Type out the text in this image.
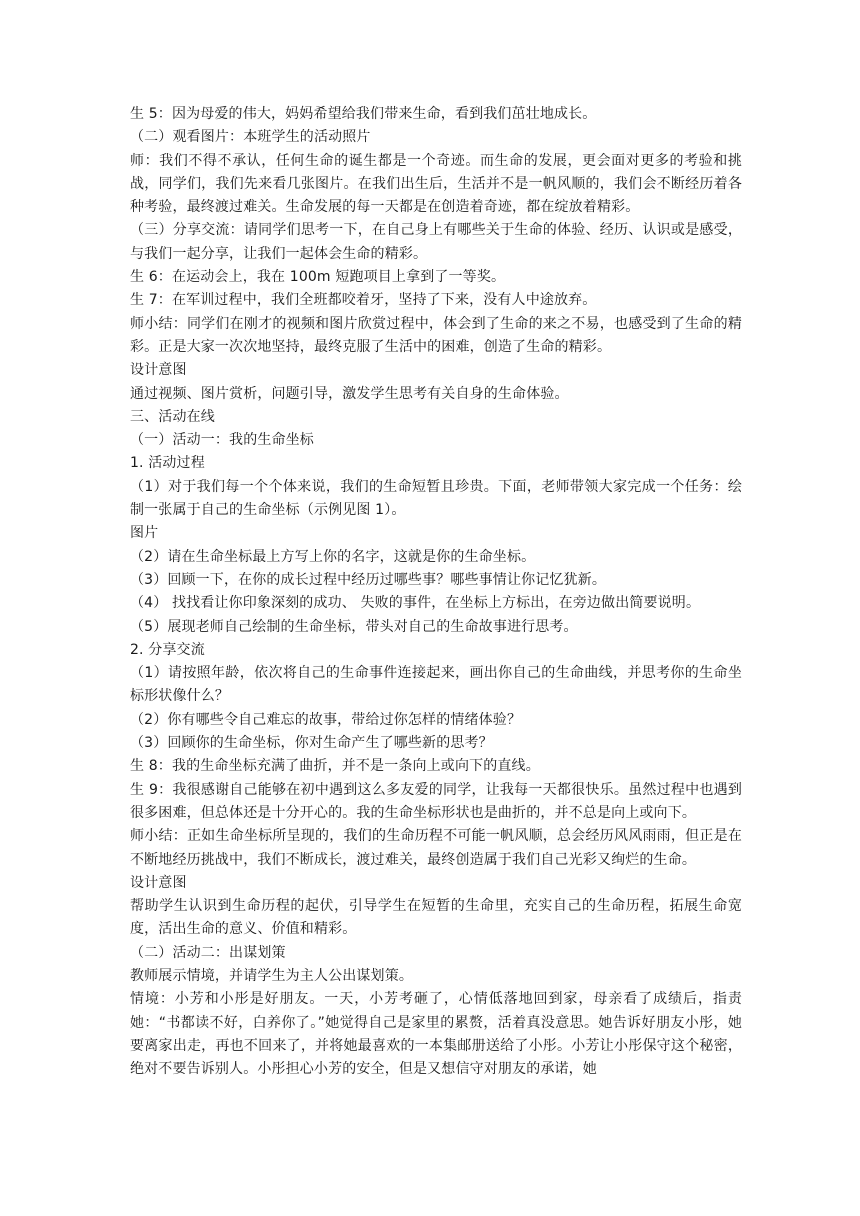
生 5：因为母爱的伟大，妈妈希望给我们带来生命，看到我们茁壮地成长。

（二）观看图片：本班学生的活动照片

师：我们不得不承认，任何生命的诞生都是一个奇迹。而生命的发展，更会面对更多的考验和挑战，同学们，我们先来看几张图片。在我们出生后，生活并不是一帆风顺的，我们会不断经历着各种考验，最终渡过难关。生命发展的每一天都是在创造着奇迹，都在绽放着精彩。

（三）分享交流：请同学们思考一下，在自己身上有哪些关于生命的体验、经历、认识或是感受，与我们一起分享，让我们一起体会生命的精彩。

生 6：在运动会上，我在 100m 短跑项目上拿到了一等奖。

生 7：在军训过程中，我们全班都咬着牙，坚持了下来，没有人中途放弃。

师小结：同学们在刚才的视频和图片欣赏过程中，体会到了生命的来之不易，也感受到了生命的精彩。正是大家一次次地坚持，最终克服了生活中的困难，创造了生命的精彩。

设计意图

通过视频、图片赏析，问题引导，激发学生思考有关自身的生命体验。

三、活动在线

（一）活动一：我的生命坐标

1. 活动过程

（1）对于我们每一个个体来说，我们的生命短暂且珍贵。下面，老师带领大家完成一个任务：绘制一张属于自己的生命坐标（示例见图 1）。

图片

（2）请在生命坐标最上方写上你的名字，这就是你的生命坐标。

（3）回顾一下，在你的成长过程中经历过哪些事？哪些事情让你记忆犹新。

（4） 找找看让你印象深刻的成功、 失败的事件，在坐标上方标出，在旁边做出简要说明。

（5）展现老师自己绘制的生命坐标，带头对自己的生命故事进行思考。

2. 分享交流

（1）请按照年龄，依次将自己的生命事件连接起来，画出你自己的生命曲线，并思考你的生命坐标形状像什么？

（2）你有哪些令自己难忘的故事，带给过你怎样的情绪体验？

（3）回顾你的生命坐标，你对生命产生了哪些新的思考？

生 8：我的生命坐标充满了曲折，并不是一条向上或向下的直线。

生 9：我很感谢自己能够在初中遇到这么多友爱的同学，让我每一天都很快乐。虽然过程中也遇到很多困难，但总体还是十分开心的。我的生命坐标形状也是曲折的，并不总是向上或向下。

师小结：正如生命坐标所呈现的，我们的生命历程不可能一帆风顺，总会经历风风雨雨，但正是在不断地经历挑战中，我们不断成长，渡过难关，最终创造属于我们自己光彩又绚烂的生命。

设计意图

帮助学生认识到生命历程的起伏，引导学生在短暂的生命里，充实自己的生命历程，拓展生命宽度，活出生命的意义、价值和精彩。

（二）活动二：出谋划策

教师展示情境，并请学生为主人公出谋划策。

情境：小芳和小彤是好朋友。一天，小芳考砸了，心情低落地回到家，母亲看了成绩后，指责她：“书都读不好，白养你了。”她觉得自己是家里的累赘，活着真没意思。她告诉好朋友小彤，她要离家出走，再也不回来了，并将她最喜欢的一本集邮册送给了小彤。小芳让小彤保守这个秘密，绝对不要告诉别人。小彤担心小芳的安全，但是又想信守对朋友的承诺，她
